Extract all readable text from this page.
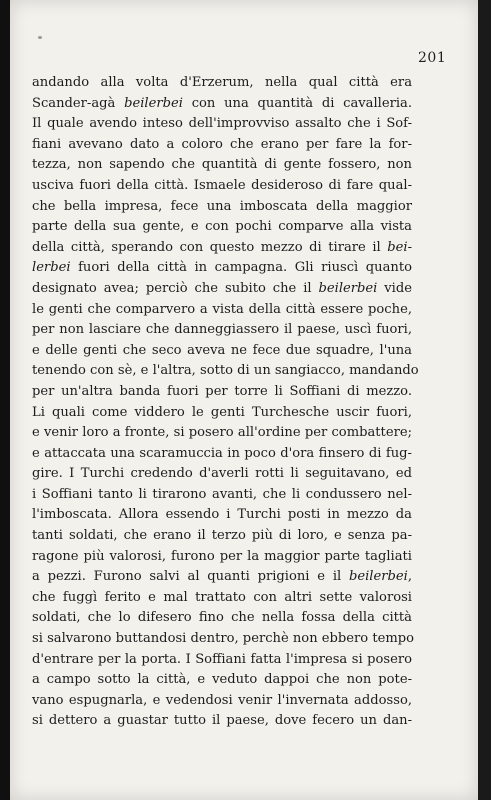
201
andando alla volta d'Erzerum, nella qual città era
Scander-agà beilerbei con una quantità di cavalleria.
Il quale avendo inteso dell'improvviso assalto che i Sof-
fiani avevano dato a coloro che erano per fare la for-
tezza, non sapendo che quantità di gente fossero, non
usciva fuori della città. Ismaele desideroso di fare qual-
che bella impresa, fece una imboscata della maggior
parte della sua gente, e con pochi comparve alla vista
della città, sperando con questo mezzo di tirare il bei-
lerbei fuori della città in campagna. Gli riuscì quanto
designato avea; perciò che subito che il beilerbei vide
le genti che comparvero a vista della città essere poche,
per non lasciare che danneggiassero il paese, uscì fuori,
e delle genti che seco aveva ne fece due squadre, l'una
tenendo con sè, e l'altra, sotto di un sangiacco, mandando
per un'altra banda fuori per torre li Soffiani di mezzo.
Li quali come viddero le genti Turchesche uscir fuori,
e venir loro a fronte, si posero all'ordine per combattere;
e attaccata una scaramuccia in poco d'ora finsero di fug-
gire. I Turchi credendo d'averli rotti li seguitavano, ed
i Soffiani tanto li tirarono avanti, che li condussero nel-
l'imboscata. Allora essendo i Turchi posti in mezzo da
tanti soldati, che erano il terzo più di loro, e senza pa-
ragone più valorosi, furono per la maggior parte tagliati
a pezzi. Furono salvi al quanti prigioni e il beilerbei,
che fuggì ferito e mal trattato con altri sette valorosi
soldati, che lo difesero fino che nella fossa della città
si salvarono buttandosi dentro, perchè non ebbero tempo
d'entrare per la porta. I Soffiani fatta l'impresa si posero
a campo sotto la città, e veduto dappoi che non pote-
vano espugnarla, e vedendosi venir l'invernata addosso,
si dettero a guastar tutto il paese, dove fecero un dan-
